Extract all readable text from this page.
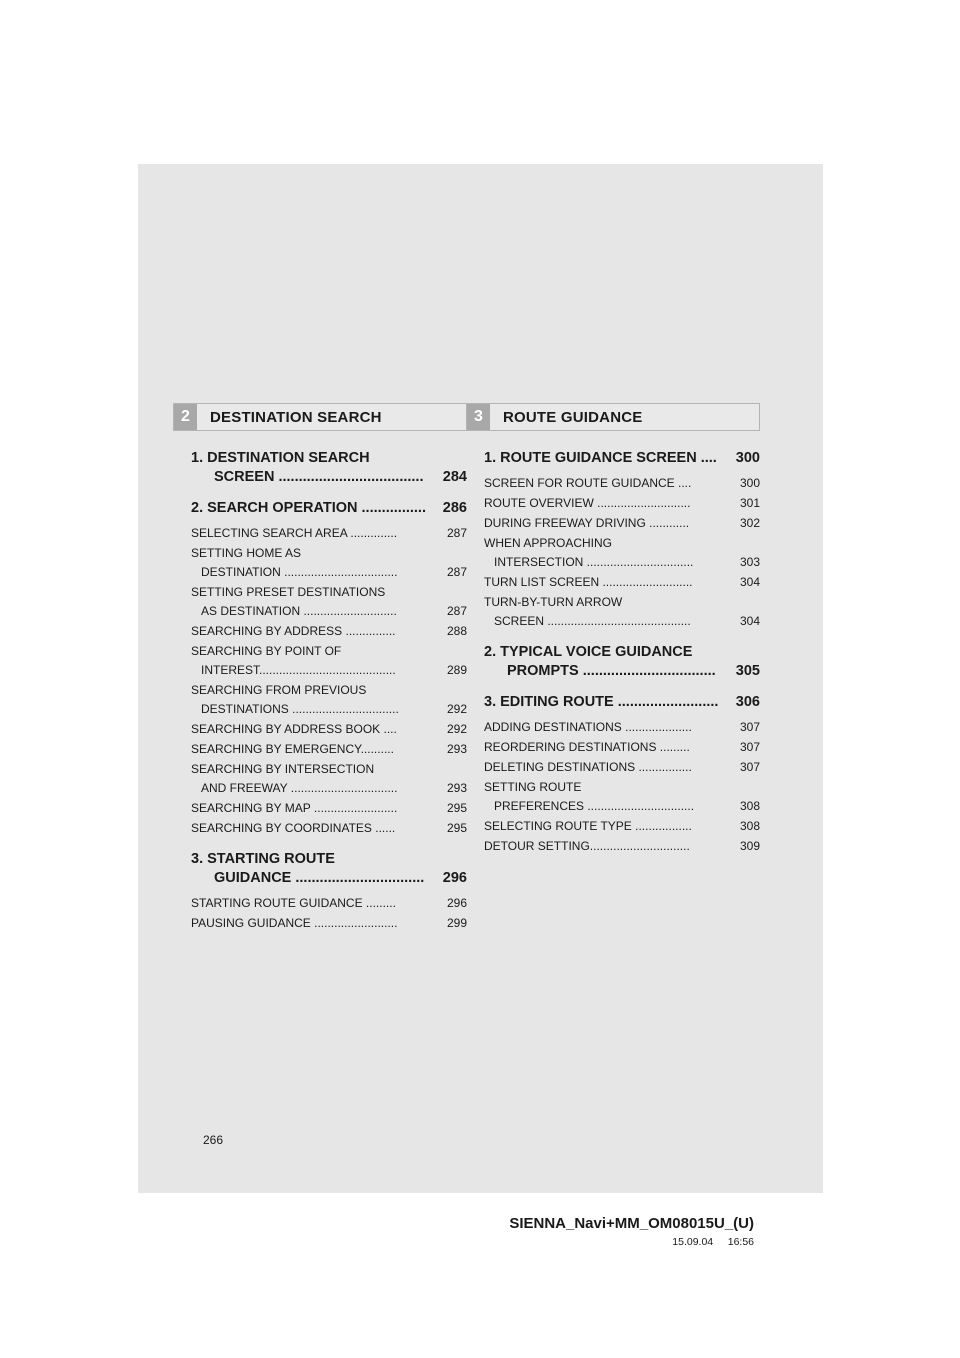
2	DESTINATION SEARCH
1. DESTINATION SEARCH
SCREEN ....................................	284
2. SEARCH OPERATION ................	286
SELECTING SEARCH AREA ..............	287
SETTING HOME AS
DESTINATION ..................................	287
SETTING PRESET DESTINATIONS
AS DESTINATION ............................	287
SEARCHING BY ADDRESS ...............	288
SEARCHING BY POINT OF
INTEREST.........................................	289
SEARCHING FROM PREVIOUS
DESTINATIONS ................................	292
SEARCHING BY ADDRESS BOOK ....	292
SEARCHING BY EMERGENCY..........	293
SEARCHING BY INTERSECTION
AND FREEWAY ................................	293
SEARCHING BY MAP .........................	295
SEARCHING BY COORDINATES ......	295
3. STARTING ROUTE
GUIDANCE ................................	296
STARTING ROUTE GUIDANCE .........	296
PAUSING GUIDANCE .........................	299
3	ROUTE GUIDANCE
1. ROUTE GUIDANCE SCREEN ....	300
SCREEN FOR ROUTE GUIDANCE ....	300
ROUTE OVERVIEW ............................	301
DURING FREEWAY DRIVING ............	302
WHEN APPROACHING
INTERSECTION ................................	303
TURN LIST SCREEN ...........................	304
TURN-BY-TURN ARROW
SCREEN ...........................................	304
2. TYPICAL VOICE GUIDANCE
PROMPTS .................................	305
3. EDITING ROUTE .........................	306
ADDING DESTINATIONS ....................	307
REORDERING DESTINATIONS .........	307
DELETING DESTINATIONS ................	307
SETTING ROUTE
PREFERENCES ................................	308
SELECTING ROUTE TYPE .................	308
DETOUR SETTING..............................	309
266
SIENNA_Navi+MM_OM08015U_(U)
15.09.04     16:56
